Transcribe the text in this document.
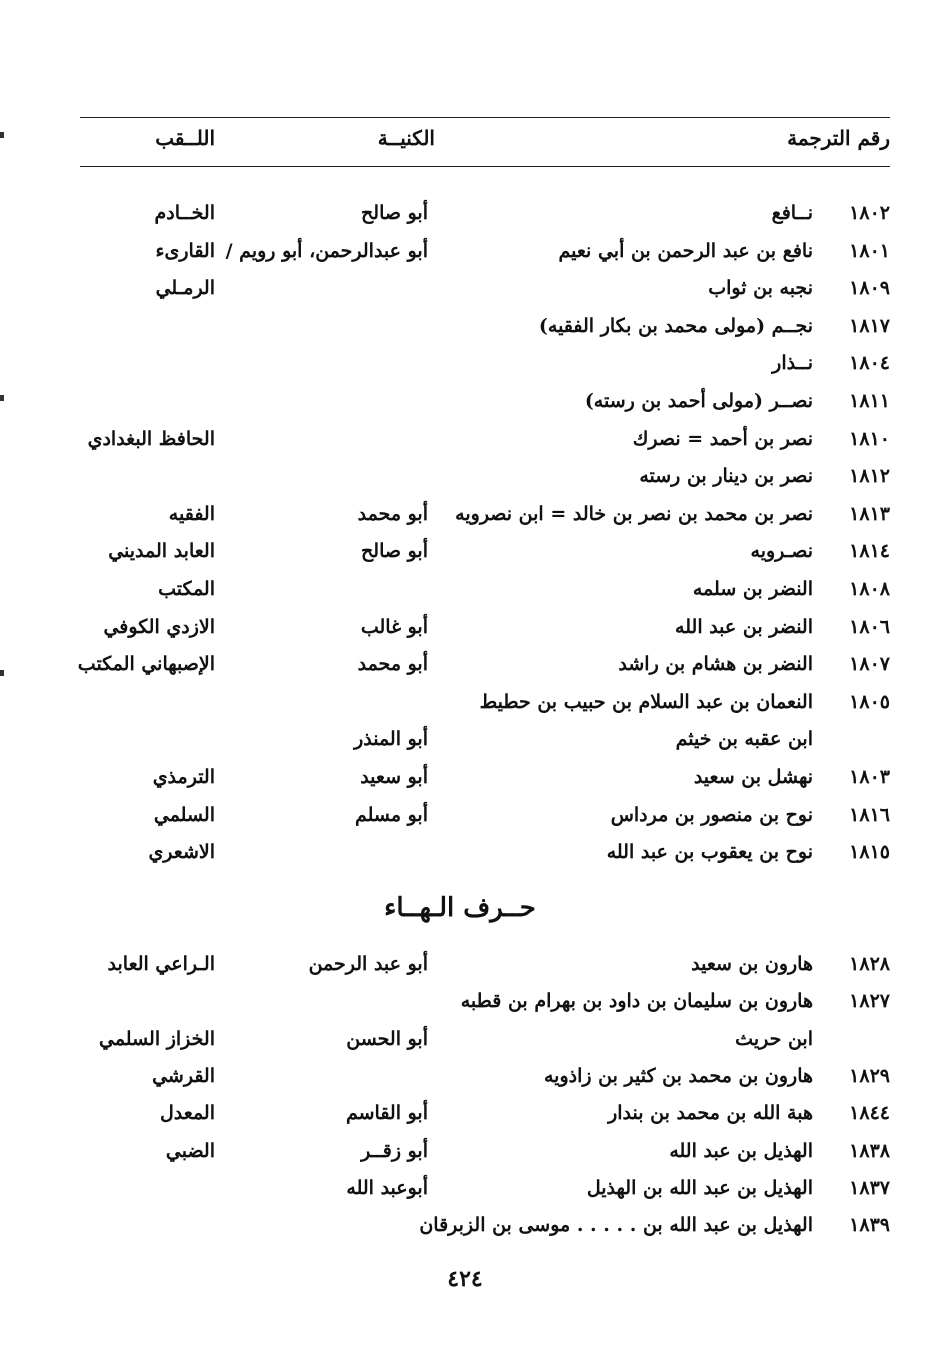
رقم الترجمة
الكنيــة
اللــقب
١٨٠٢
نــافع
أبو صالح
الخــادم
١٨٠١
نافع بن عبد الرحمن بن أبي نعيم
أبو عبدالرحمن، أبو رويم /
القارىء
١٨٠٩
نجبه بن ثواب
الرمـلي
١٨١٧
نجــم (مولى محمد بن بكار الفقيه)
١٨٠٤
نــذار
١٨١١
نصــر (مولى أحمد بن رسته)
١٨١٠
نصر بن أحمد = نصرك
الحافظ البغدادي
١٨١٢
نصر بن دينار بن رسته
١٨١٣
نصر بن محمد بن نصر بن خالد = ابن نصرويه
أبو محمد
الفقيه
١٨١٤
نصـرويه
أبو صالح
العابد المديني
١٨٠٨
النضر بن سلمه
المكتب
١٨٠٦
النضر بن عبد الله
أبو غالب
الازدي الكوفي
١٨٠٧
النضر بن هشام بن راشد
أبو محمد
الإصبهاني المكتب
١٨٠٥
النعمان بن عبد السلام بن حبيب بن حطيط
ابن عقبه بن خيثم
أبو المنذر
١٨٠٣
نهشل بن سعيد
أبو سعيد
الترمذي
١٨١٦
نوح بن منصور بن مرداس
أبو مسلم
السلمي
١٨١٥
نوح بن يعقوب بن عبد الله
الاشعري
حــرف الـهــاء
١٨٢٨
هارون بن سعيد
أبو عبد الرحمن
الـراعي العابد
١٨٢٧
هارون بن سليمان بن داود بن بهرام بن قطبه
ابن حريث
أبو الحسن
الخزاز السلمي
١٨٢٩
هارون بن محمد بن كثير بن زاذويه
القرشي
١٨٤٤
هبة الله بن محمد بن بندار
أبو القاسم
المعدل
١٨٣٨
الهذيل بن عبد الله
أبو زقــر
الضبي
١٨٣٧
الهذيل بن عبد الله بن الهذيل
أبوعبد الله
١٨٣٩
الهذيل بن عبد الله بن . . . . . موسى بن الزبرقان
٤٢٤
